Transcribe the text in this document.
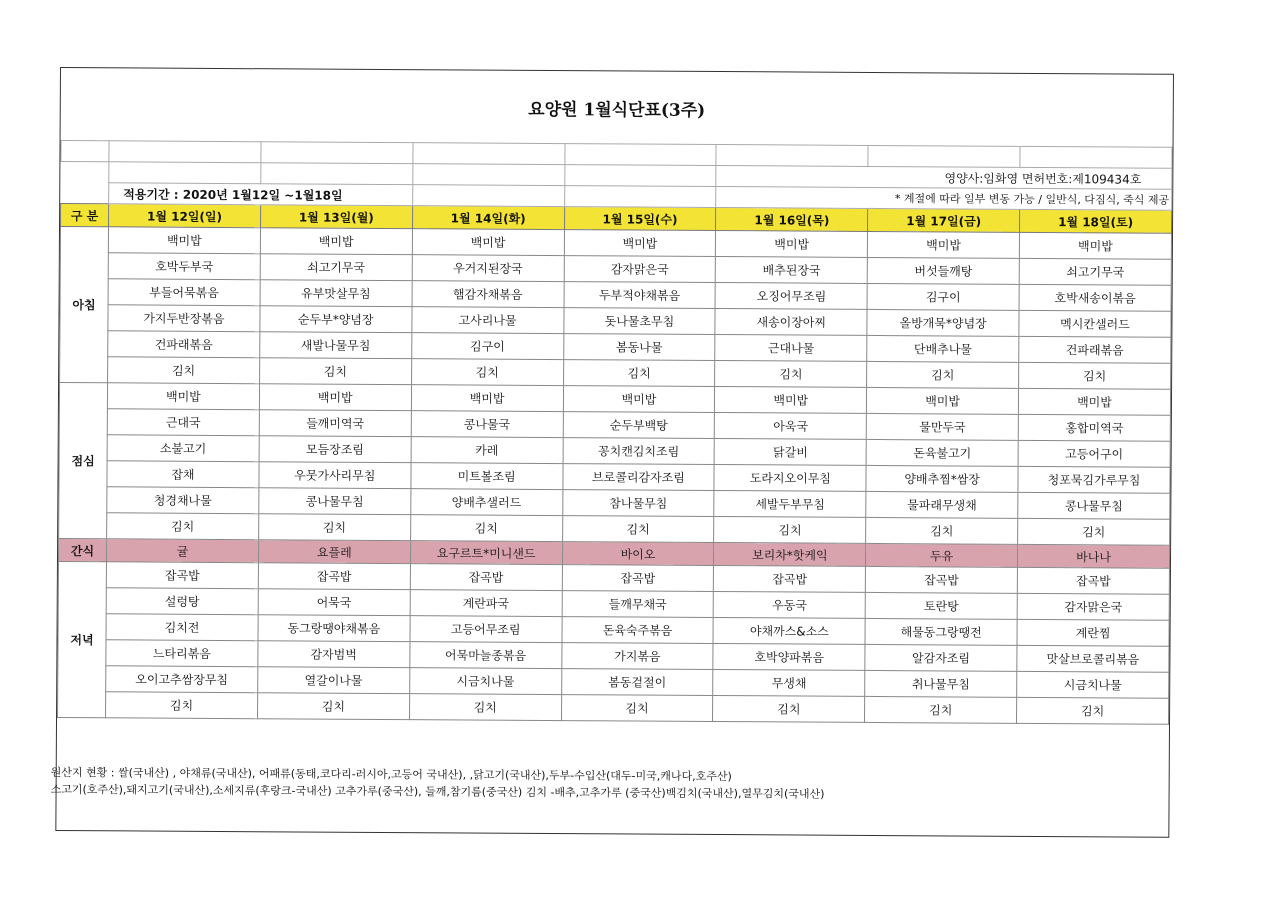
요양원 1월식단표(3주)

					영양사:임화영 면허번호:제109434호		
	적용기간 : 2020년 1월12일 ~1월18일				* 계절에 따라 일부 변동 가능 / 일반식, 다짐식, 죽식 제공		
구 분	1월 12일(일)	1월 13일(월)	1월 14일(화)	1월 15일(수)	1월 16일(목)	1월 17일(금)	1월 18일(토)
아침	백미밥	백미밥	백미밥	백미밥	백미밥	백미밥	백미밥
	호박두부국	쇠고기무국	우거지된장국	감자맑은국	배추된장국	버섯들깨탕	쇠고기무국
	부들어묵볶음	유부맛살무침	햄감자채볶음	두부적야채볶음	오징어무조림	김구이	호박새송이볶음
	가지두반장볶음	순두부*양념장	고사리나물	돗나물초무침	새송이장아찌	올방개묵*양념장	멕시칸샐러드
	건파래볶음	새발나물무침	김구이	봄동나물	근대나물	단배추나물	건파래볶음
	김치	김치	김치	김치	김치	김치	김치
점심	백미밥	백미밥	백미밥	백미밥	백미밥	백미밥	백미밥
	근대국	들깨미역국	콩나물국	순두부백탕	아욱국	물만두국	홍합미역국
	소불고기	모듬장조림	카레	꽁치캔김치조림	닭갈비	돈육불고기	고등어구이
	잡채	우뭇가사리무침	미트볼조림	브로콜리감자조림	도라지오이무침	양배추찜*쌈장	청포묵김가루무침
	청경채나물	콩나물무침	양배추샐러드	참나물무침	세발두부무침	물파래무생채	콩나물무침
	김치	김치	김치	김치	김치	김치	김치
간식	귤	요플레	요구르트*미니샌드	바이오	보리차*핫케익	두유	바나나
저녁	잡곡밥	잡곡밥	잡곡밥	잡곡밥	잡곡밥	잡곡밥	잡곡밥
	설렁탕	어묵국	계란파국	들깨무채국	우동국	토란탕	감자맑은국
	김치전	동그랑땡야채볶음	고등어무조림	돈육숙주볶음	야채까스&소스	해물동그랑땡전	계란찜
	느타리볶음	감자범벅	어묵마늘종볶음	가지볶음	호박양파볶음	알감자조림	맛살브로콜리볶음
	오이고추쌈장무침	열갈이나물	시금치나물	봄동겉절이	무생채	취나물무침	시금치나물
	김치	김치	김치	김치	김치	김치	김치
원산지 현황 : 쌀(국내산) , 야채류(국내산), 어패류(동태,코다리-러시아,고등어 국내산), ,닭고기(국내산),두부-수입산(대두-미국,캐나다,호주산)
소고기(호주산),돼지고기(국내산),소세지류(후랑크-국내산) 고추가루(중국산), 들깨,참기름(중국산) 김치 -배추,고추가루 (중국산)백김치(국내산),열무김치(국내산)
